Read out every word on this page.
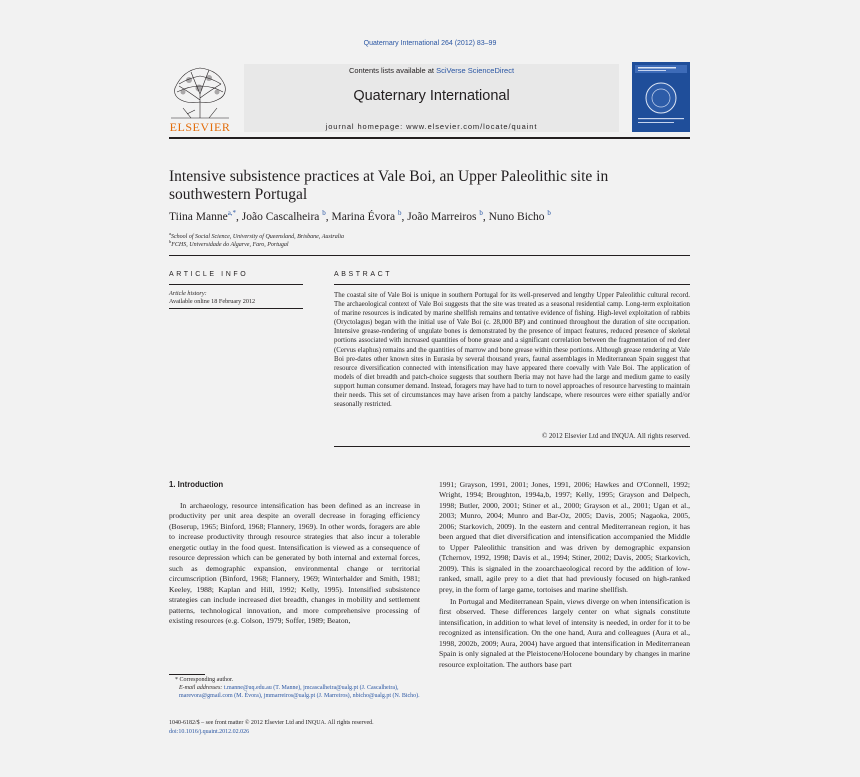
Quaternary International 264 (2012) 83–99
ELSEVIER
Contents lists available at SciVerse ScienceDirect
Quaternary International
journal homepage: www.elsevier.com/locate/quaint
Intensive subsistence practices at Vale Boi, an Upper Paleolithic site in southwestern Portugal
Tiina Manne$^{a,*}$, João Cascalheira $^b$, Marina Évora $^b$, João Marreiros $^b$, Nuno Bicho $^b$
$^a$School of Social Science, University of Queensland, Brisbane, Australia
$^b$FCHS, Universidade do Algarve, Faro, Portugal
ARTICLE INFO
Article history:
Available online 18 February 2012
ABSTRACT
The coastal site of Vale Boi is unique in southern Portugal for its well-preserved and lengthy Upper Paleolithic cultural record. The archaeological context of Vale Boi suggests that the site was treated as a seasonal residential camp. Long-term exploitation of marine resources is indicated by marine shellfish remains and tentative evidence of fishing. High-level exploitation of rabbits (Oryctolagus) began with the initial use of Vale Boi (c. 28,000 BP) and continued throughout the duration of site occupation. Intensive grease-rendering of ungulate bones is demonstrated by the presence of impact features, reduced presence of skeletal portions associated with increased quantities of bone grease and a significant correlation between the fragmentation of red deer (Cervus elaphus) remains and the quantities of marrow and bone grease within these portions. Although grease rendering at Vale Boi pre-dates other known sites in Eurasia by several thousand years, faunal assemblages in Mediterranean Spain suggest that resource diversification connected with intensification may have appeared there coevally with Vale Boi. The application of models of diet breadth and patch-choice suggests that southern Iberia may not have had the large and medium game to easily support human consumer demand. Instead, foragers may have had to turn to novel approaches of resource harvesting to maintain their needs. This set of circumstances may have arisen from a patchy landscape, where resources were either spatially and/or seasonally restricted.
© 2012 Elsevier Ltd and INQUA. All rights reserved.
1. Introduction
In archaeology, resource intensification has been defined as an increase in productivity per unit area despite an overall decrease in foraging efficiency (Boserup, 1965; Binford, 1968; Flannery, 1969). In other words, foragers are able to increase productivity through resource strategies that also incur a tolerable energetic outlay in the food quest. Intensification is viewed as a consequence of resource depression which can be generated by both internal and external forces, such as demographic expansion, environmental change or territorial circumscription (Binford, 1968; Flannery, 1969; Winterhalder and Smith, 1981; Keeley, 1988; Kaplan and Hill, 1992; Kelly, 1995). Intensified subsistence strategies can include increased diet breadth, changes in mobility and settlement patterns, technological innovation, and more comprehensive processing of existing resources (e.g. Colson, 1979; Soffer, 1989; Beaton,
1991; Grayson, 1991, 2001; Jones, 1991, 2006; Hawkes and O'Connell, 1992; Wright, 1994; Broughton, 1994a,b, 1997; Kelly, 1995; Grayson and Delpech, 1998; Butler, 2000, 2001; Stiner et al., 2000; Grayson et al., 2001; Ugan et al., 2003; Munro, 2004; Munro and Bar-Oz, 2005; Davis, 2005; Nagaoka, 2005, 2006; Starkovich, 2009). In the eastern and central Mediterranean region, it has been argued that diet diversification and intensification accompanied the Middle to Upper Paleolithic transition and was driven by demographic expansion (Tchernov, 1992, 1998; Davis et al., 1994; Stiner, 2002; Davis, 2005; Starkovich, 2009). This is signaled in the zooarchaeological record by the addition of low-ranked, small, agile prey to a diet that had previously focused on high-ranked prey, in the form of large game, tortoises and marine shellfish.
In Portugal and Mediterranean Spain, views diverge on when intensification is first observed. These differences largely center on what signals constitute intensification, in addition to what level of intensity is needed, in order for it to be recognized as intensification. On the one hand, Aura and colleagues (Aura et al., 1998, 2002b, 2009; Aura, 2004) have argued that intensification in Mediterranean Spain is only signaled at the Pleistocene/Holocene boundary by changes in marine resource exploitation. The authors base part
* Corresponding author.
E-mail addresses: t.manne@uq.edu.au (T. Manne), jmcascalheira@ualg.pt (J. Cascalheira), marevora@gmail.com (M. Évora), jmmarreiros@ualg.pt (J. Marreiros), nbicho@ualg.pt (N. Bicho).
1040-6182/$ – see front matter © 2012 Elsevier Ltd and INQUA. All rights reserved.
doi:10.1016/j.quaint.2012.02.026
